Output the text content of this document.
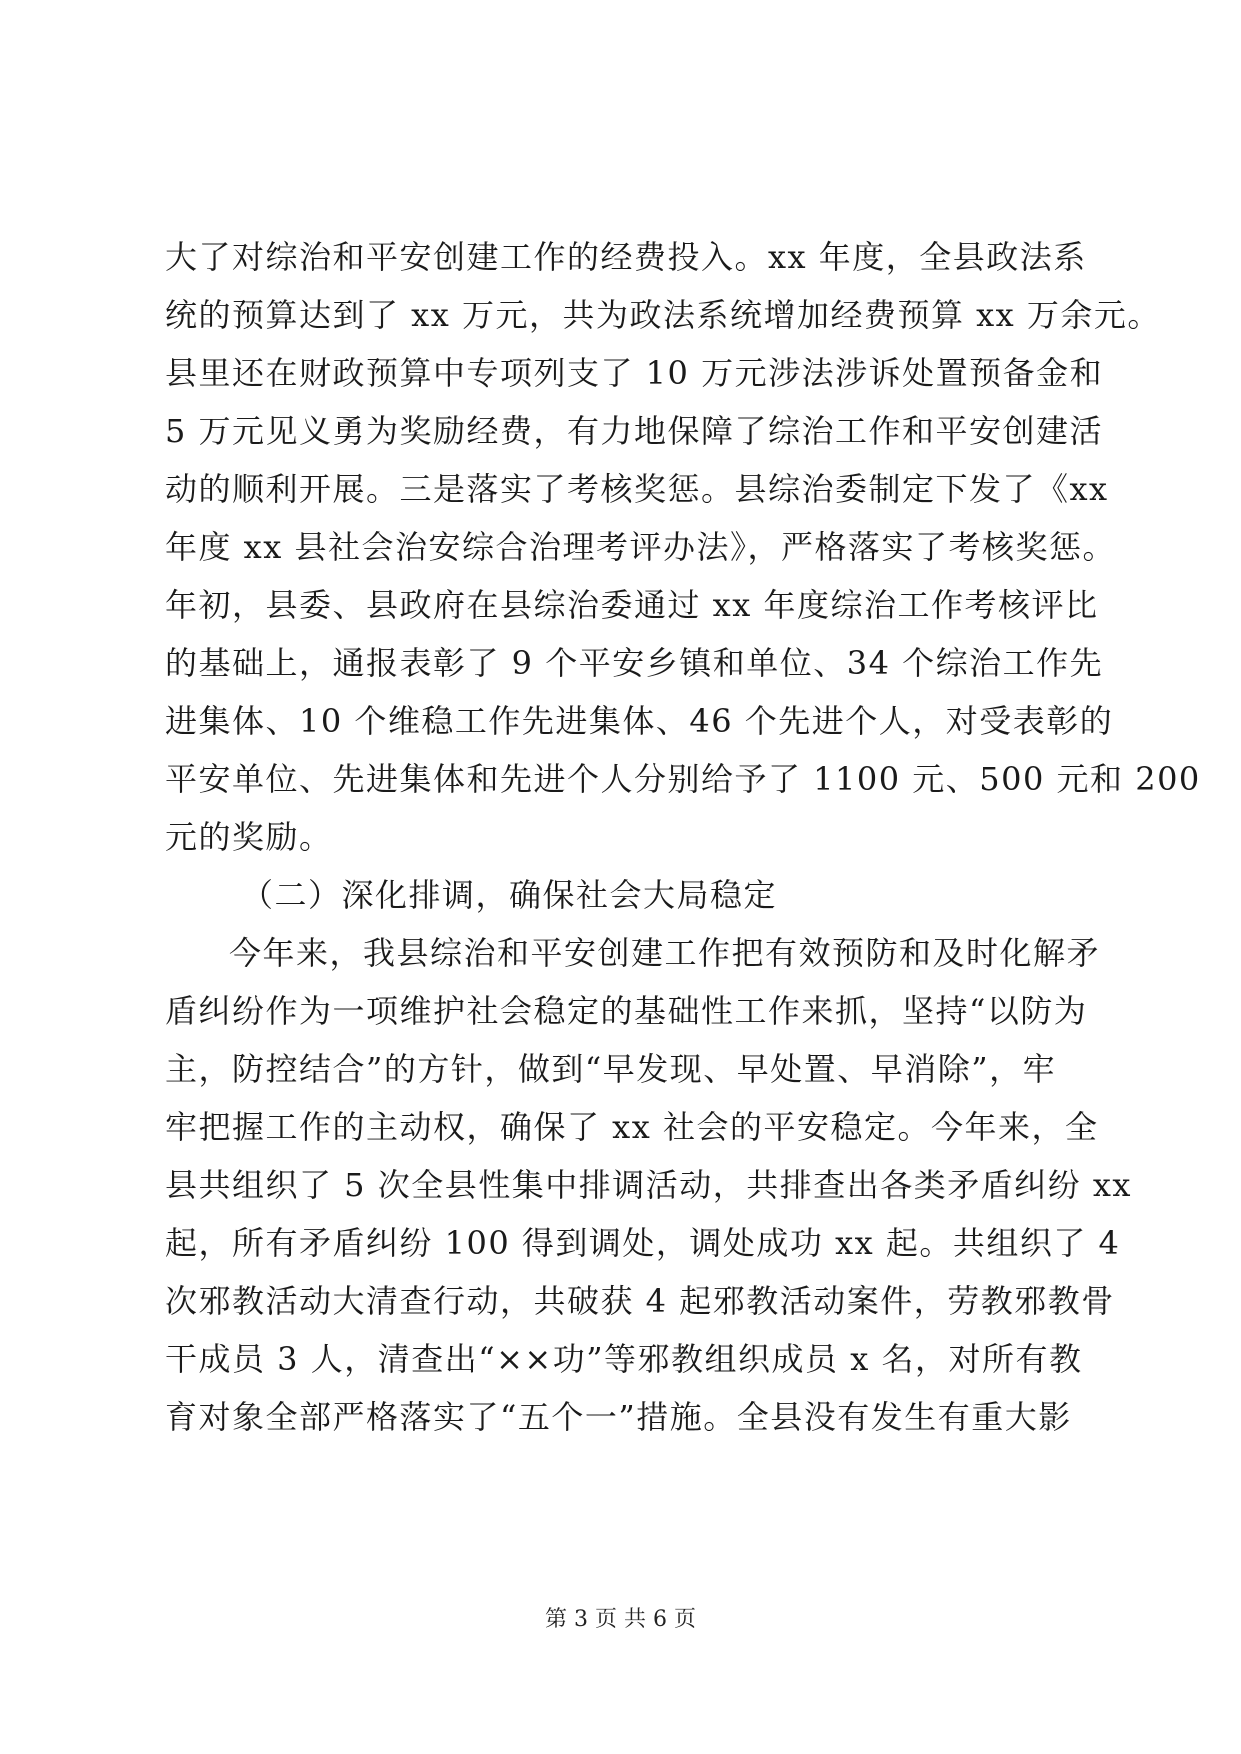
大了对综治和平安创建工作的经费投入。xx 年度，全县政法系
统的预算达到了 xx 万元，共为政法系统增加经费预算 xx 万余元。
县里还在财政预算中专项列支了 10 万元涉法涉诉处置预备金和
5 万元见义勇为奖励经费，有力地保障了综治工作和平安创建活
动的顺利开展。三是落实了考核奖惩。县综治委制定下发了《xx
年度 xx 县社会治安综合治理考评办法》，严格落实了考核奖惩。
年初，县委、县政府在县综治委通过 xx 年度综治工作考核评比
的基础上，通报表彰了 9 个平安乡镇和单位、34 个综治工作先
进集体、10 个维稳工作先进集体、46 个先进个人，对受表彰的
平安单位、先进集体和先进个人分别给予了 1100 元、500 元和 200
元的奖励。
（二）深化排调，确保社会大局稳定
今年来，我县综治和平安创建工作把有效预防和及时化解矛
盾纠纷作为一项维护社会稳定的基础性工作来抓，坚持“以防为
主，防控结合”的方针，做到“早发现、早处置、早消除”，牢
牢把握工作的主动权，确保了 xx 社会的平安稳定。今年来，全
县共组织了 5 次全县性集中排调活动，共排查出各类矛盾纠纷 xx
起，所有矛盾纠纷 100 得到调处，调处成功 xx 起。共组织了 4
次邪教活动大清查行动，共破获 4 起邪教活动案件，劳教邪教骨
干成员 3 人，清查出“××功”等邪教组织成员 x 名，对所有教
育对象全部严格落实了“五个一”措施。全县没有发生有重大影
第 3 页 共 6 页
